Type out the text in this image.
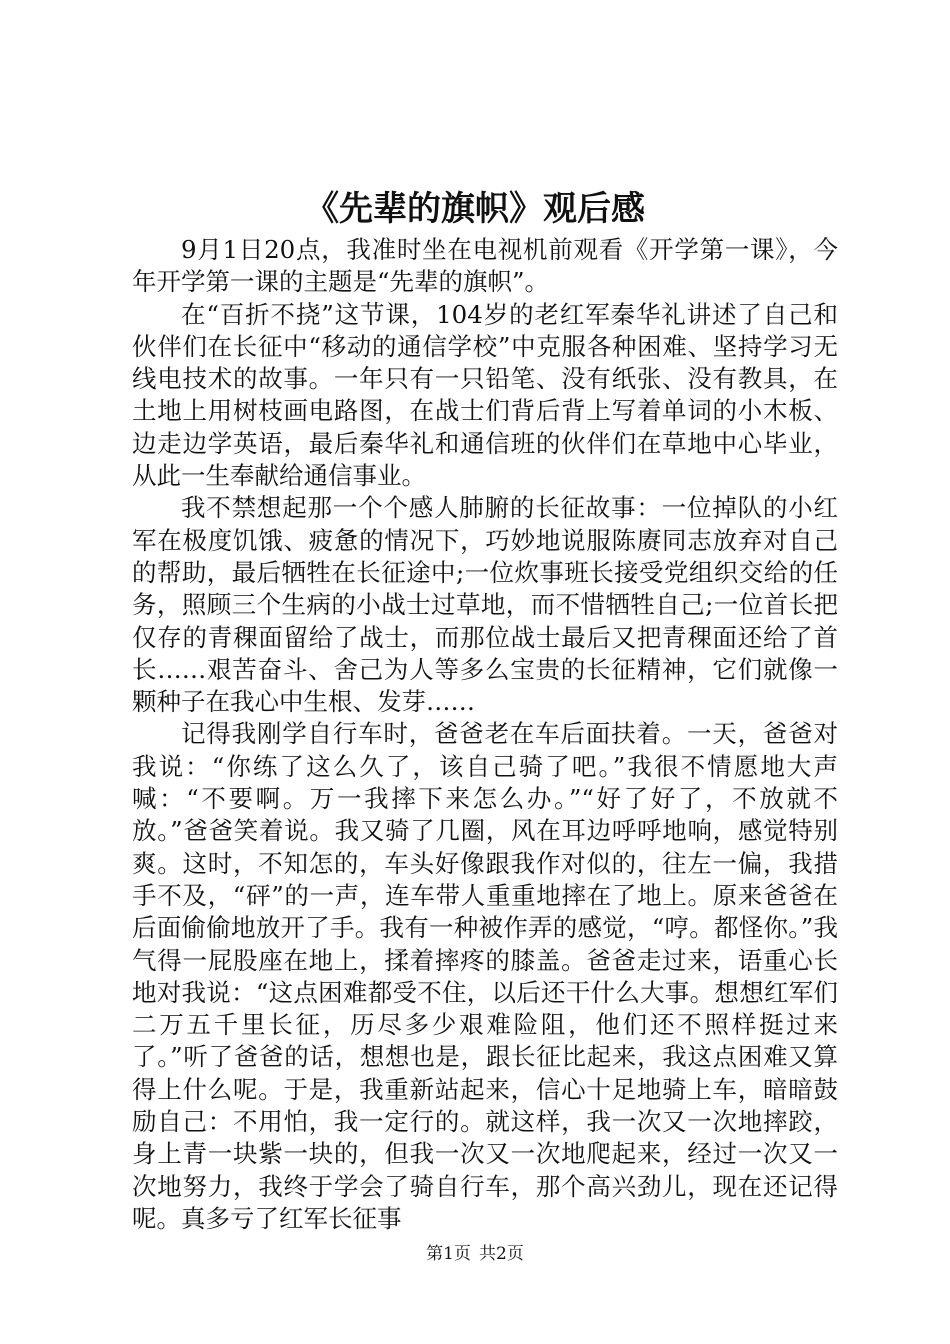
《先辈的旗帜》观后感

9月1日20点，我准时坐在电视机前观看《开学第一课》，今年开学第一课的主题是“先辈的旗帜”。

在“百折不挠”这节课，104岁的老红军秦华礼讲述了自己和伙伴们在长征中“移动的通信学校”中克服各种困难、坚持学习无线电技术的故事。一年只有一只铅笔、没有纸张、没有教具，在土地上用树枝画电路图，在战士们背后背上写着单词的小木板、边走边学英语，最后秦华礼和通信班的伙伴们在草地中心毕业，从此一生奉献给通信事业。

我不禁想起那一个个感人肺腑的长征故事：一位掉队的小红军在极度饥饿、疲惫的情况下，巧妙地说服陈赓同志放弃对自己的帮助，最后牺牲在长征途中;一位炊事班长接受党组织交给的任务，照顾三个生病的小战士过草地，而不惜牺牲自己;一位首长把仅存的青稞面留给了战士，而那位战士最后又把青稞面还给了首长……艰苦奋斗、舍己为人等多么宝贵的长征精神，它们就像一颗种子在我心中生根、发芽……

记得我刚学自行车时，爸爸老在车后面扶着。一天，爸爸对我说：“你练了这么久了，该自己骑了吧。”我很不情愿地大声喊：“不要啊。万一我摔下来怎么办。”“好了好了，不放就不放。”爸爸笑着说。我又骑了几圈，风在耳边呼呼地响，感觉特别爽。这时，不知怎的，车头好像跟我作对似的，往左一偏，我措手不及，“砰”的一声，连车带人重重地摔在了地上。原来爸爸在后面偷偷地放开了手。我有一种被作弄的感觉，“哼。都怪你。”我气得一屁股座在地上，揉着摔疼的膝盖。爸爸走过来，语重心长地对我说：“这点困难都受不住，以后还干什么大事。想想红军们二万五千里长征，历尽多少艰难险阻，他们还不照样挺过来了。”听了爸爸的话，想想也是，跟长征比起来，我这点困难又算得上什么呢。于是，我重新站起来，信心十足地骑上车，暗暗鼓励自己：不用怕，我一定行的。就这样，我一次又一次地摔跤，身上青一块紫一块的，但我一次又一次地爬起来，经过一次又一次地努力，我终于学会了骑自行车，那个高兴劲儿，现在还记得呢。真多亏了红军长征事

第1页 共2页
